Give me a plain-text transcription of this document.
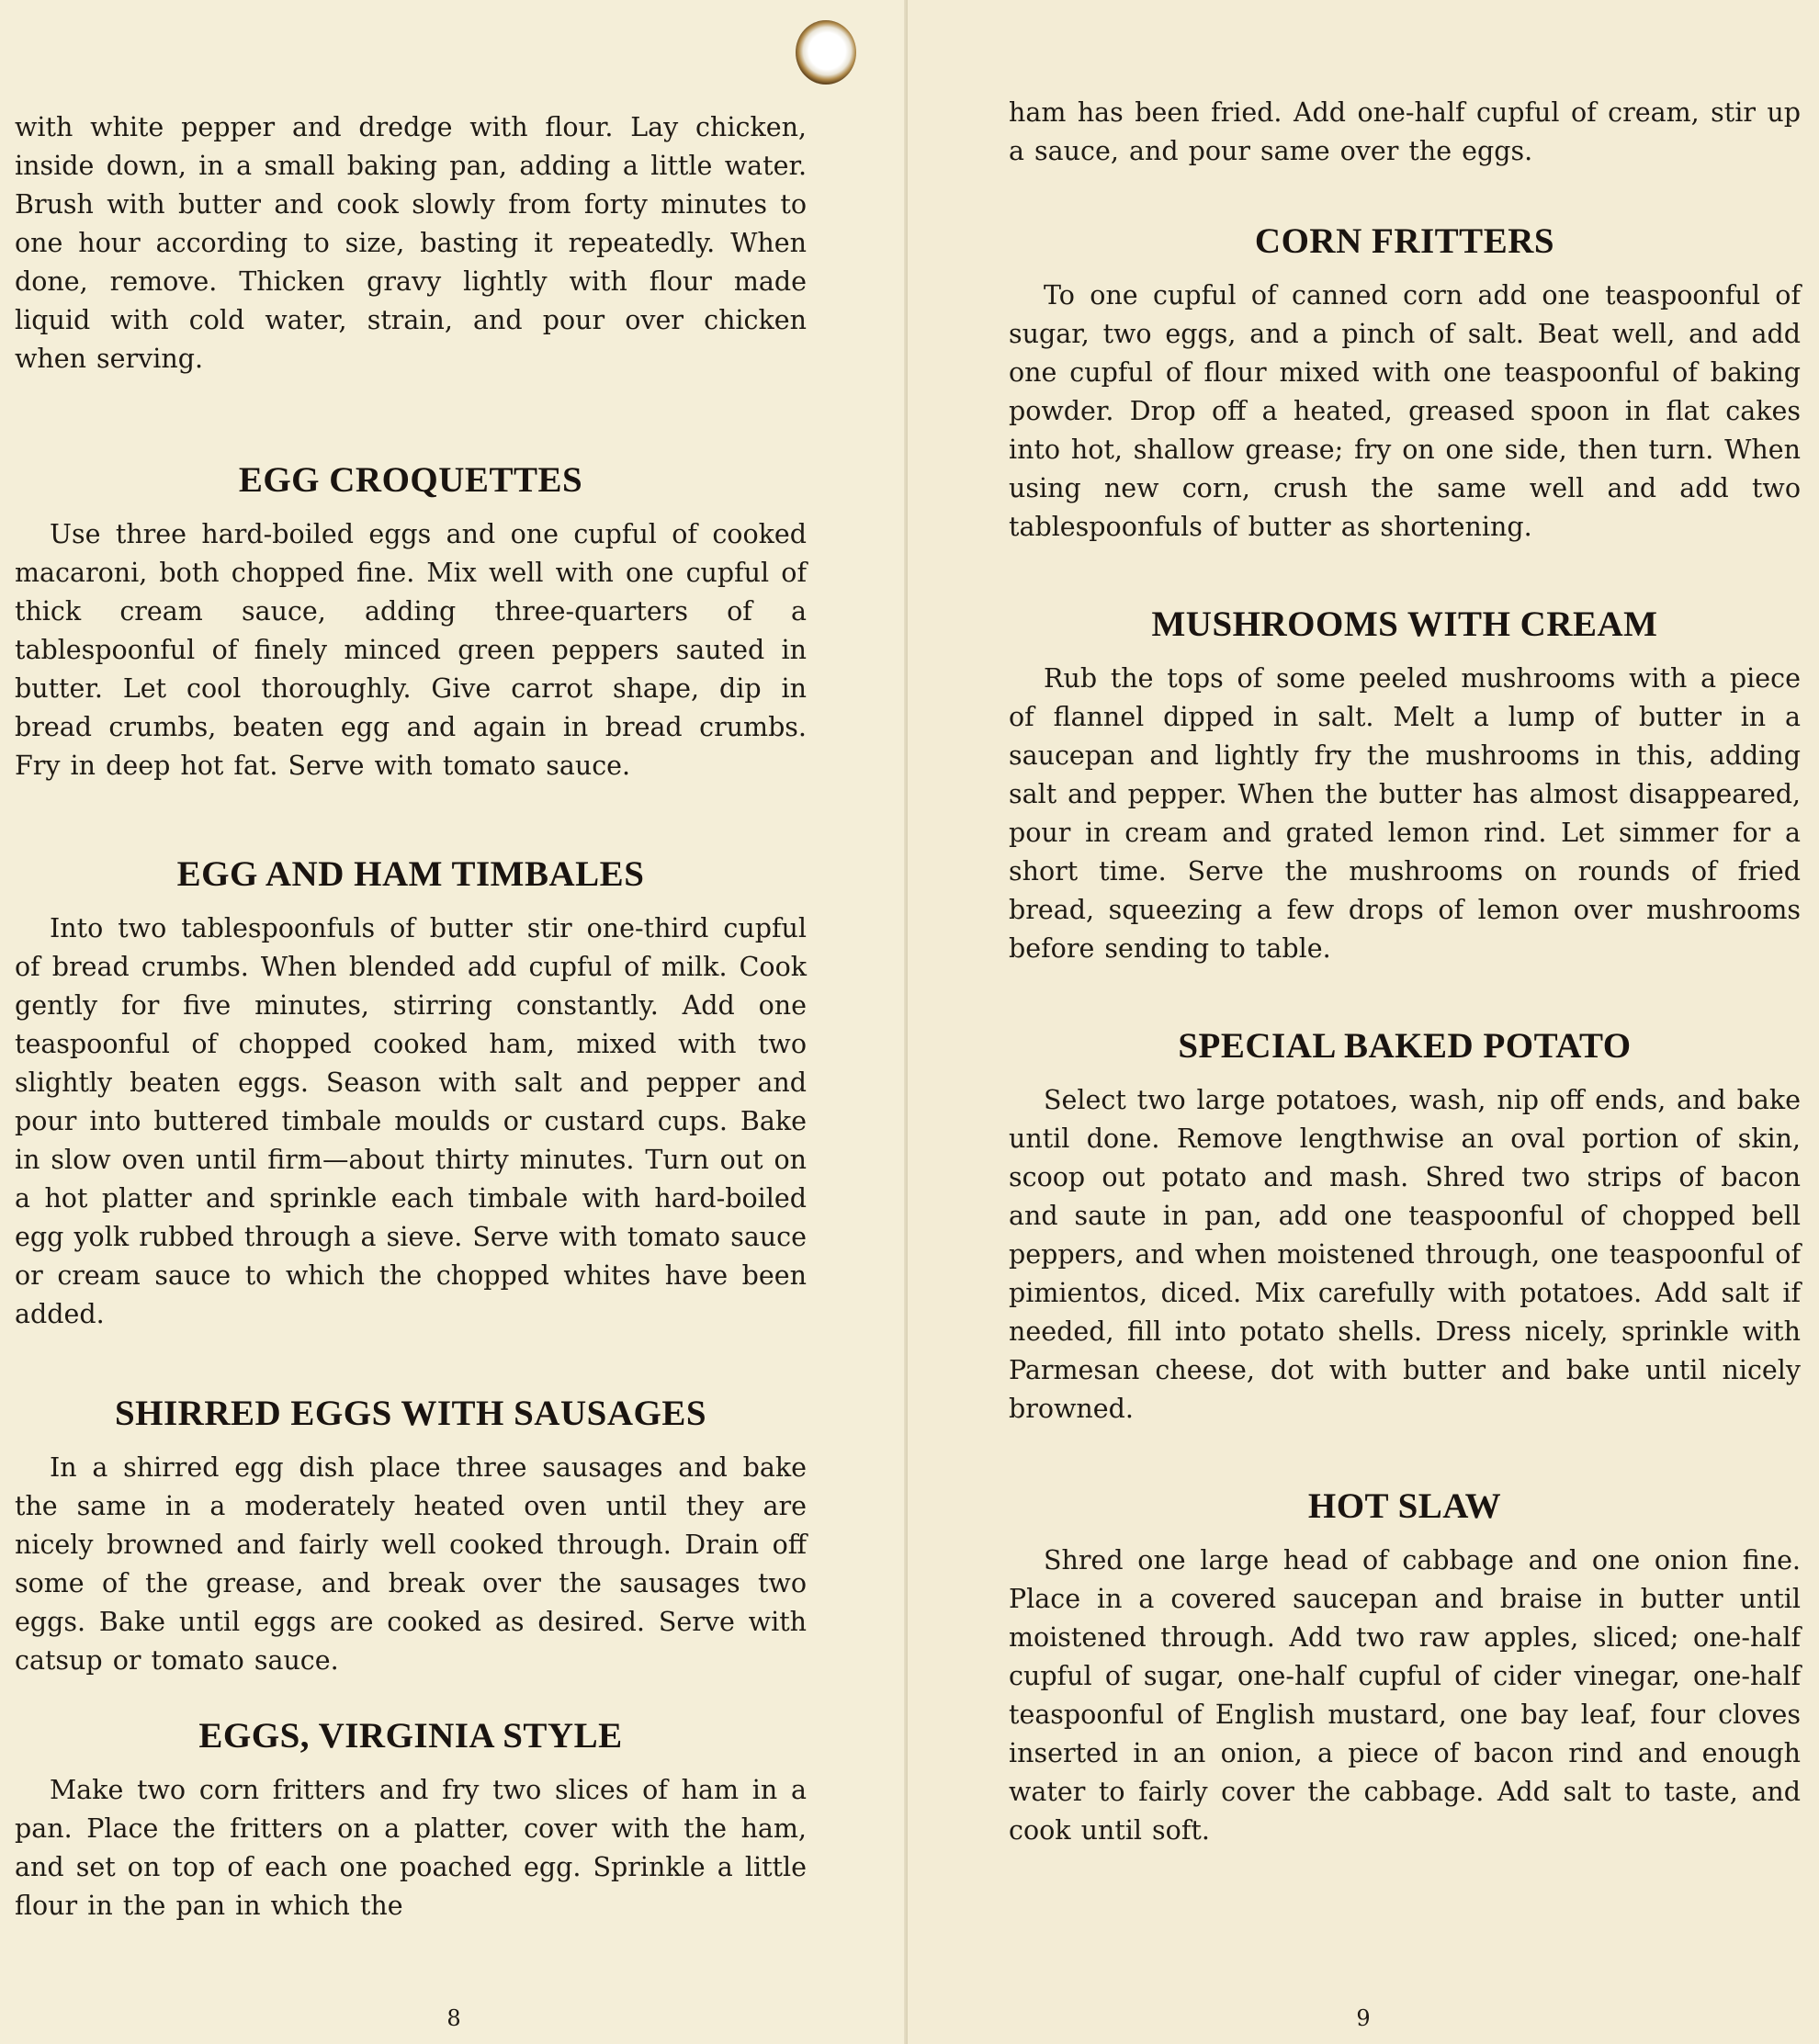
with white pepper and dredge with flour. Lay chicken, inside down, in a small baking pan, adding a little water. Brush with butter and cook slowly from forty minutes to one hour according to size, basting it repeatedly. When done, remove. Thicken gravy lightly with flour made liquid with cold water, strain, and pour over chicken when serving.

EGG CROQUETTES

Use three hard-boiled eggs and one cupful of cooked macaroni, both chopped fine. Mix well with one cupful of thick cream sauce, adding three-quarters of a tablespoonful of finely minced green peppers sauted in butter. Let cool thoroughly. Give carrot shape, dip in bread crumbs, beaten egg and again in bread crumbs. Fry in deep hot fat. Serve with tomato sauce.

EGG AND HAM TIMBALES

Into two tablespoonfuls of butter stir one-third cupful of bread crumbs. When blended add cupful of milk. Cook gently for five minutes, stirring constantly. Add one teaspoonful of chopped cooked ham, mixed with two slightly beaten eggs. Season with salt and pepper and pour into buttered timbale moulds or custard cups. Bake in slow oven until firm—about thirty minutes. Turn out on a hot platter and sprinkle each timbale with hard-boiled egg yolk rubbed through a sieve. Serve with tomato sauce or cream sauce to which the chopped whites have been added.

SHIRRED EGGS WITH SAUSAGES

In a shirred egg dish place three sausages and bake the same in a moderately heated oven until they are nicely browned and fairly well cooked through. Drain off some of the grease, and break over the sausages two eggs. Bake until eggs are cooked as desired. Serve with catsup or tomato sauce.

EGGS, VIRGINIA STYLE

Make two corn fritters and fry two slices of ham in a pan. Place the fritters on a platter, cover with the ham, and set on top of each one poached egg. Sprinkle a little flour in the pan in which the

8

ham has been fried. Add one-half cupful of cream, stir up a sauce, and pour same over the eggs.

CORN FRITTERS

To one cupful of canned corn add one teaspoonful of sugar, two eggs, and a pinch of salt. Beat well, and add one cupful of flour mixed with one teaspoonful of baking powder. Drop off a heated, greased spoon in flat cakes into hot, shallow grease; fry on one side, then turn. When using new corn, crush the same well and add two tablespoonfuls of butter as shortening.

MUSHROOMS WITH CREAM

Rub the tops of some peeled mushrooms with a piece of flannel dipped in salt. Melt a lump of butter in a saucepan and lightly fry the mushrooms in this, adding salt and pepper. When the butter has almost disappeared, pour in cream and grated lemon rind. Let simmer for a short time. Serve the mushrooms on rounds of fried bread, squeezing a few drops of lemon over mushrooms before sending to table.

SPECIAL BAKED POTATO

Select two large potatoes, wash, nip off ends, and bake until done. Remove lengthwise an oval portion of skin, scoop out potato and mash. Shred two strips of bacon and saute in pan, add one teaspoonful of chopped bell peppers, and when moistened through, one teaspoonful of pimientos, diced. Mix carefully with potatoes. Add salt if needed, fill into potato shells. Dress nicely, sprinkle with Parmesan cheese, dot with butter and bake until nicely browned.

HOT SLAW

Shred one large head of cabbage and one onion fine. Place in a covered saucepan and braise in butter until moistened through. Add two raw apples, sliced; one-half cupful of sugar, one-half cupful of cider vinegar, one-half teaspoonful of English mustard, one bay leaf, four cloves inserted in an onion, a piece of bacon rind and enough water to fairly cover the cabbage. Add salt to taste, and cook until soft.

9
